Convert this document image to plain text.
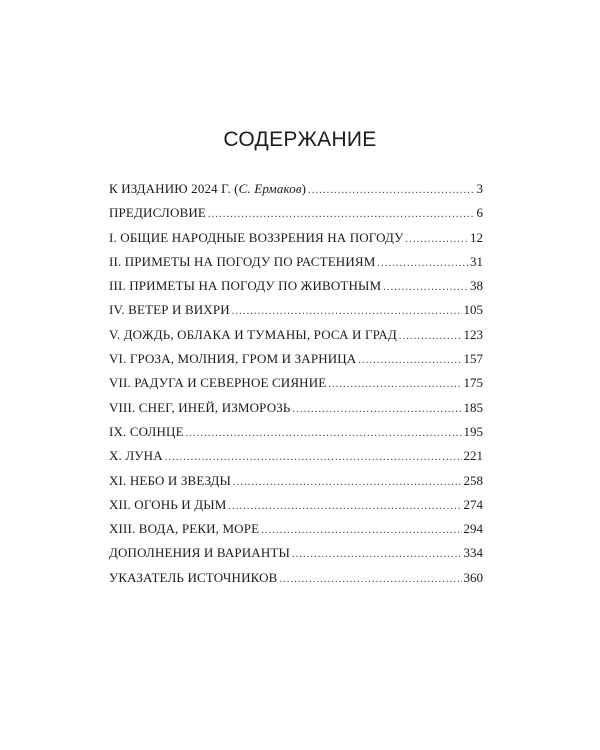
СОДЕРЖАНИЕ
К ИЗДАНИЮ 2024 Г. (С. Ермаков) .....	3
ПРЕДИСЛОВИЕ .....	6
I. ОБЩИЕ НАРОДНЫЕ ВОЗЗРЕНИЯ НА ПОГОДУ .....	12
II. ПРИМЕТЫ НА ПОГОДУ ПО РАСТЕНИЯМ .....	31
III. ПРИМЕТЫ НА ПОГОДУ ПО ЖИВОТНЫМ .....	38
IV. ВЕТЕР И ВИХРИ .....	105
V. ДОЖДЬ, ОБЛАКА И ТУМАНЫ, РОСА И ГРАД .....	123
VI. ГРОЗА, МОЛНИЯ, ГРОМ И ЗАРНИЦА .....	157
VII. РАДУГА И СЕВЕРНОЕ СИЯНИЕ .....	175
VIII. СНЕГ, ИНЕЙ, ИЗМОРОЗЬ .....	185
IX. СОЛНЦЕ .....	195
X. ЛУНА .....	221
XI. НЕБО И ЗВЕЗДЫ .....	258
XII. ОГОНЬ И ДЫМ .....	274
XIII. ВОДА, РЕКИ, МОРЕ .....	294
ДОПОЛНЕНИЯ И ВАРИАНТЫ .....	334
УКАЗАТЕЛЬ ИСТОЧНИКОВ .....	360
